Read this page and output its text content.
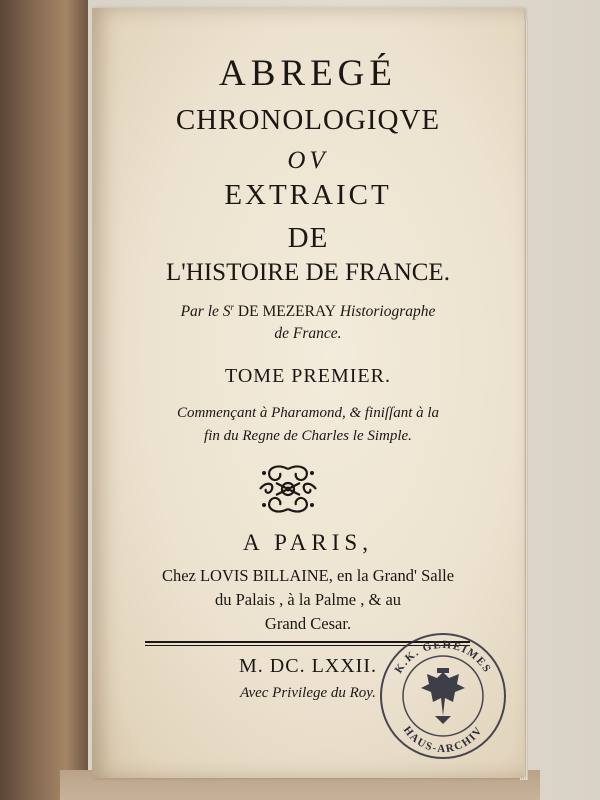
ABREGÉ
CHRONOLOGIQVE
OV
EXTRAICT
DE
L'HISTOIRE DE FRANCE.
Par le $S^r$ DE MEZERAY Historiographe
de France.
TOME PREMIER.
Commençant à Pharamond, & finiſſant à la
fin du Regne de Charles le Simple.
A PARIS,
Chez LOVIS BILLAINE, en la Grand' Salle
du Palais , à la Palme , & au
Grand Cesar.
M. DC. LXXII.
Avec Privilege du Roy.
K.K. GEHEIMES
HAUS-ARCHIV
